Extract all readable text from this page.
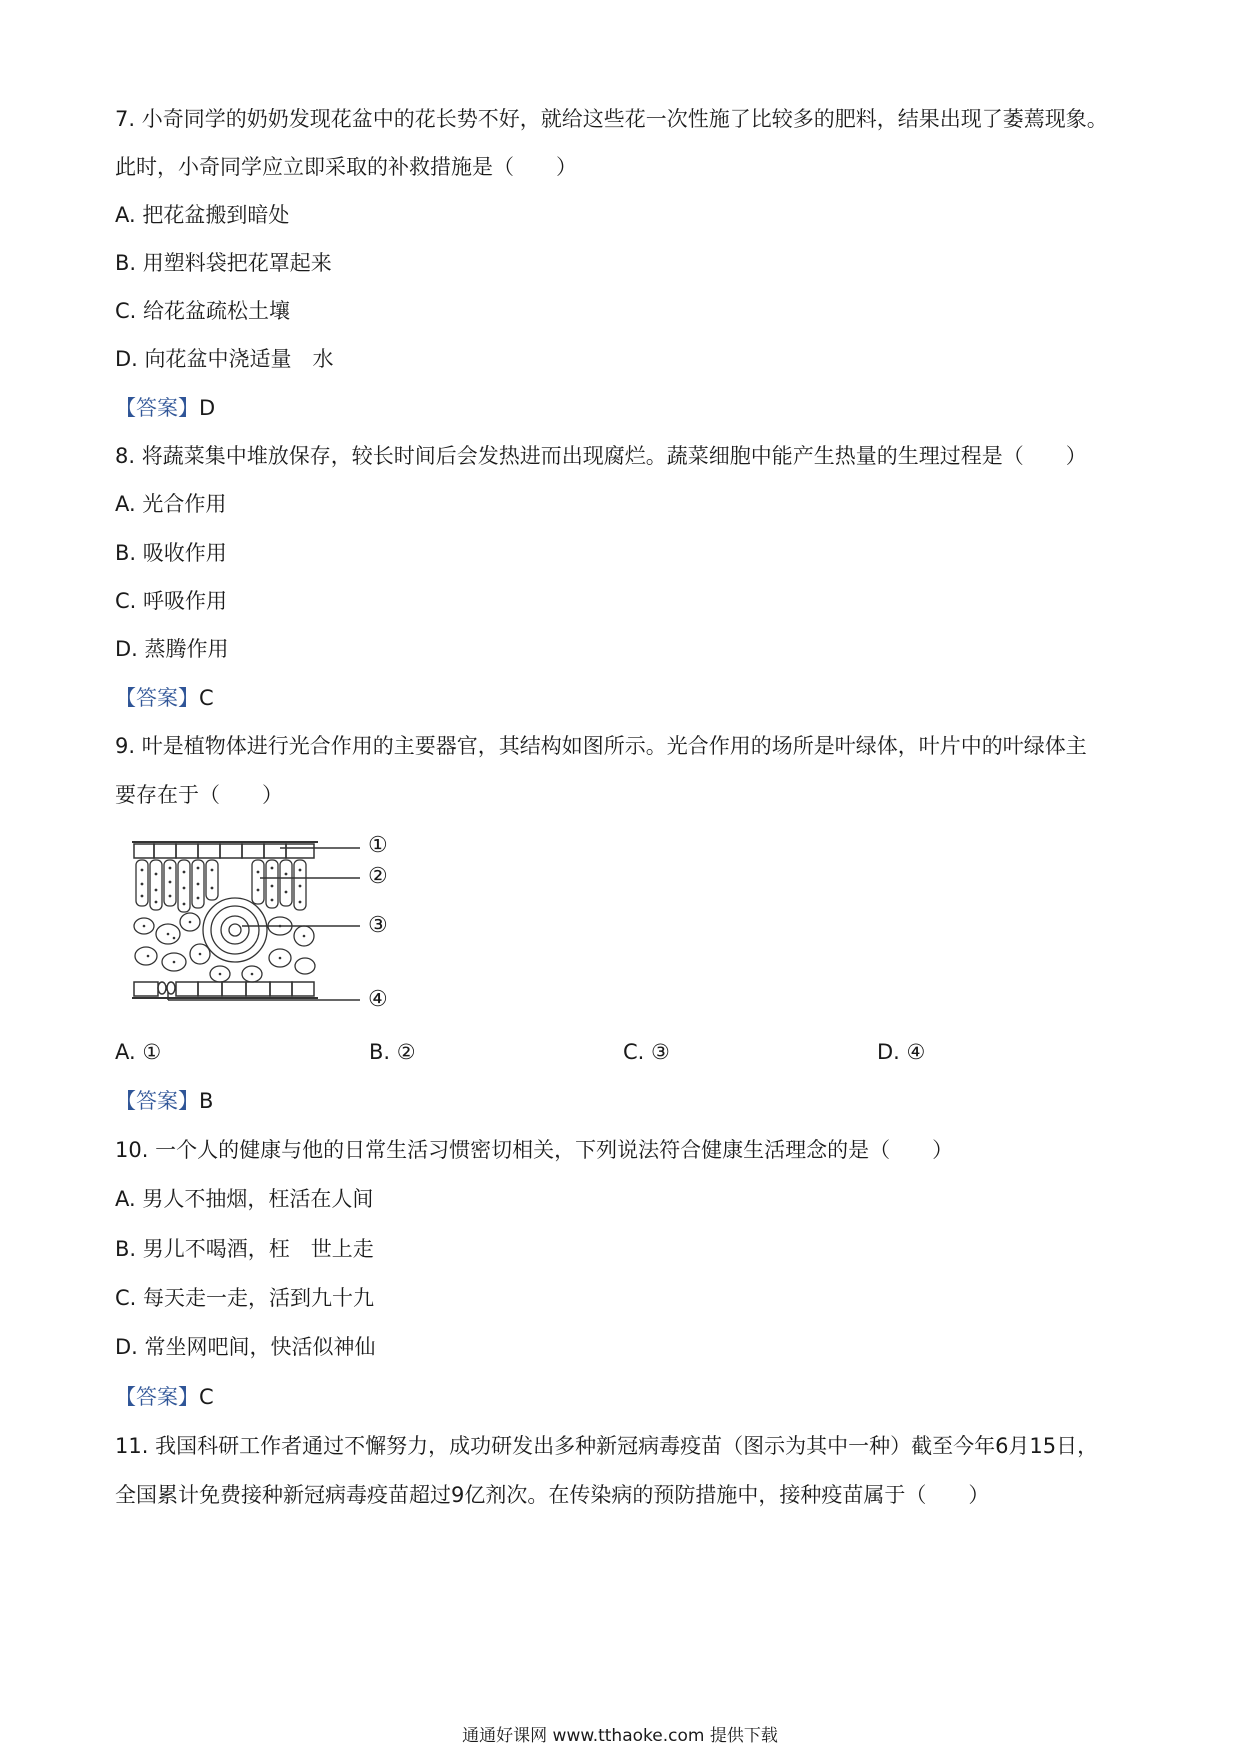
7. 小奇同学的奶奶发现花盆中的花长势不好，就给这些花一次性施了比较多的肥料，结果出现了萎蔫现象。
此时，小奇同学应立即采取的补救措施是（　　）
A. 把花盆搬到暗处
B. 用塑料袋把花罩起来
C. 给花盆疏松土壤
D. 向花盆中浇适量　水
【答案】D
8. 将蔬菜集中堆放保存，较长时间后会发热进而出现腐烂。蔬菜细胞中能产生热量的生理过程是（　　）
A. 光合作用
B. 吸收作用
C. 呼吸作用
D. 蒸腾作用
【答案】C
9. 叶是植物体进行光合作用的主要器官，其结构如图所示。光合作用的场所是叶绿体，叶片中的叶绿体主
要存在于（　　）
①
②
③
④
A. ①	B. ②	C. ③	D. ④
【答案】B
10. 一个人的健康与他的日常生活习惯密切相关，下列说法符合健康生活理念的是（　　）
A. 男人不抽烟，枉活在人间
B. 男儿不喝酒，枉　世上走
C. 每天走一走，活到九十九
D. 常坐网吧间，快活似神仙
【答案】C
11. 我国科研工作者通过不懈努力，成功研发出多种新冠病毒疫苗（图示为其中一种）截至今年6月15日，
全国累计免费接种新冠病毒疫苗超过9亿剂次。在传染病的预防措施中，接种疫苗属于（　　）
通通好课网 www.tthaoke.com 提供下载
